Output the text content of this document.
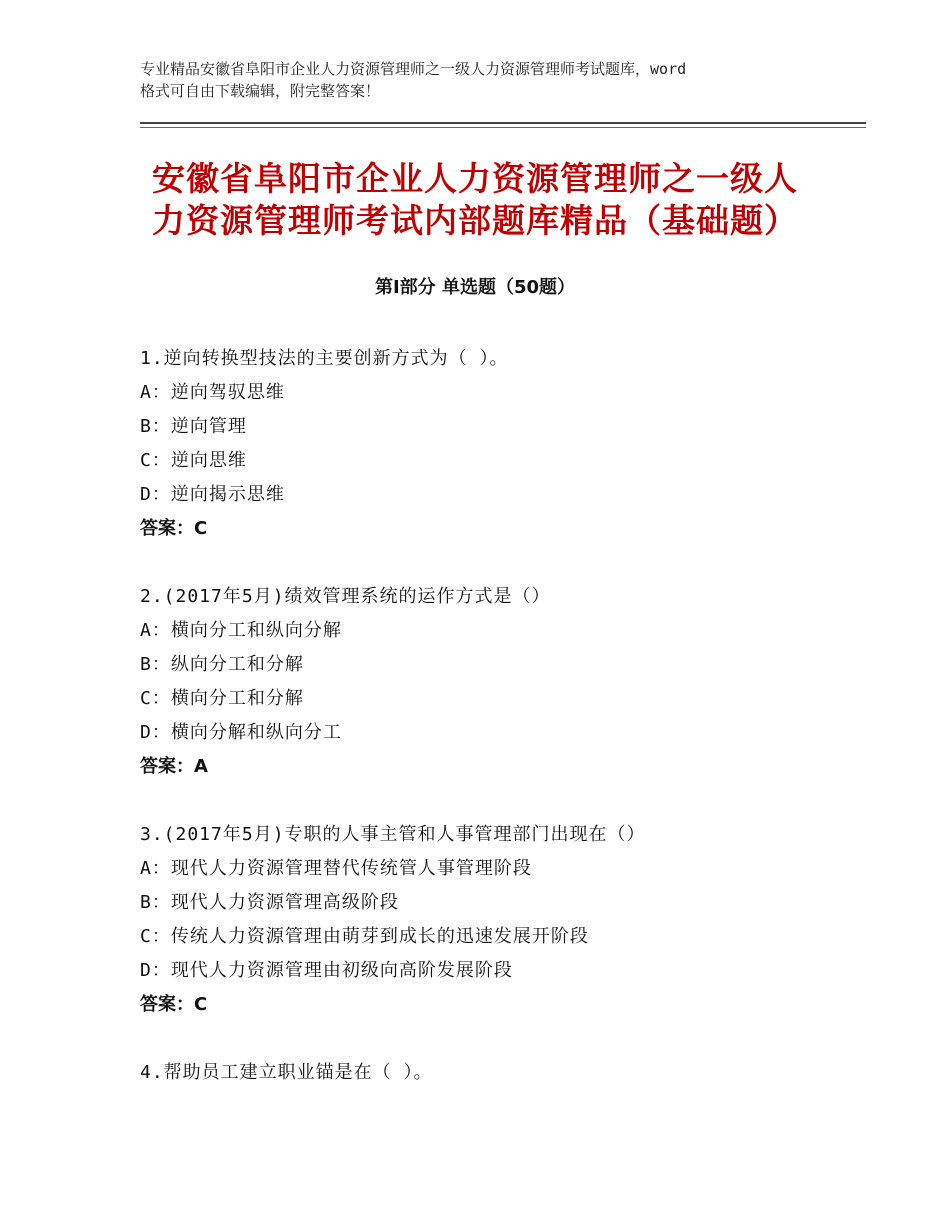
专业精品安徽省阜阳市企业人力资源管理师之一级人力资源管理师考试题库，word
格式可自由下载编辑，附完整答案！
安徽省阜阳市企业人力资源管理师之一级人
力资源管理师考试内部题库精品（基础题）
第Ⅰ部分 单选题（50题）
1.逆向转换型技法的主要创新方式为（ ）。
A：逆向驾驭思维
B：逆向管理
C：逆向思维
D：逆向揭示思维
答案：C
2.(2017年5月)绩效管理系统的运作方式是（）
A：横向分工和纵向分解
B：纵向分工和分解
C：横向分工和分解
D：横向分解和纵向分工
答案：A
3.(2017年5月)专职的人事主管和人事管理部门出现在（）
A：现代人力资源管理替代传统管人事管理阶段
B：现代人力资源管理高级阶段
C：传统人力资源管理由萌芽到成长的迅速发展开阶段
D：现代人力资源管理由初级向高阶发展阶段
答案：C
4.帮助员工建立职业锚是在（ ）。
